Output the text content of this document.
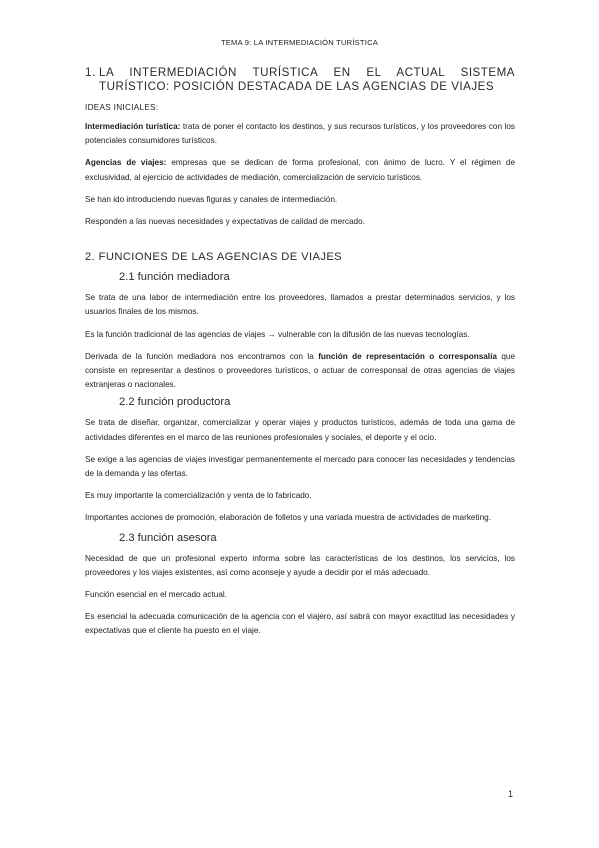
TEMA 9: LA INTERMEDIACIÓN TURÍSTICA
1. LA INTERMEDIACIÓN TURÍSTICA EN EL ACTUAL SISTEMA TURÍSTICO: POSICIÓN DESTACADA DE LAS AGENCIAS DE VIAJES
IDEAS INICIALES:

Intermediación turística: trata de poner el contacto los destinos, y sus recursos turísticos, y los proveedores con los potenciales consumidores turísticos.

Agencias de viajes: empresas que se dedican de forma profesional, con ánimo de lucro. Y el régimen de exclusividad, al ejercicio de actividades de mediación, comercialización de servicio turísticos.

Se han ido introduciendo nuevas figuras y canales de intermediación.

Responden a las nuevas necesidades y expectativas de calidad de mercado.

2. FUNCIONES DE LAS AGENCIAS DE VIAJES
2.1 función mediadora

Se trata de una labor de intermediación entre los proveedores, llamados a prestar determinados servicios, y los usuarios finales de los mismos.

Es la función tradicional de las agencias de viajes → vulnerable con la difusión de las nuevas tecnologías.

Derivada de la función mediadora nos encontramos con la función de representación o corresponsalía que consiste en representar a destinos o proveedores turísticos, o actuar de corresponsal de otras agencias de viajes extranjeras o nacionales.

2.2 función productora

Se trata de diseñar, organizar, comercializar y operar viajes y productos turísticos, además de toda una gama de actividades diferentes en el marco de las reuniones profesionales y sociales, el deporte y el ocio.

Se exige a las agencias de viajes investigar permanentemente el mercado para conocer las necesidades y tendencias de la demanda y las ofertas.

Es muy importante la comercialización y venta de lo fabricado.

Importantes acciones de promoción, elaboración de folletos y una variada muestra de actividades de marketing.

2.3 función asesora

Necesidad de que un profesional experto informa sobre las características de los destinos, los servicios, los proveedores y los viajes existentes, así como aconseje y ayude a decidir por el más adecuado.

Función esencial en el mercado actual.

Es esencial la adecuada comunicación de la agencia con el viajero, así sabrá con mayor exactitud las necesidades y expectativas que el cliente ha puesto en el viaje.

1
